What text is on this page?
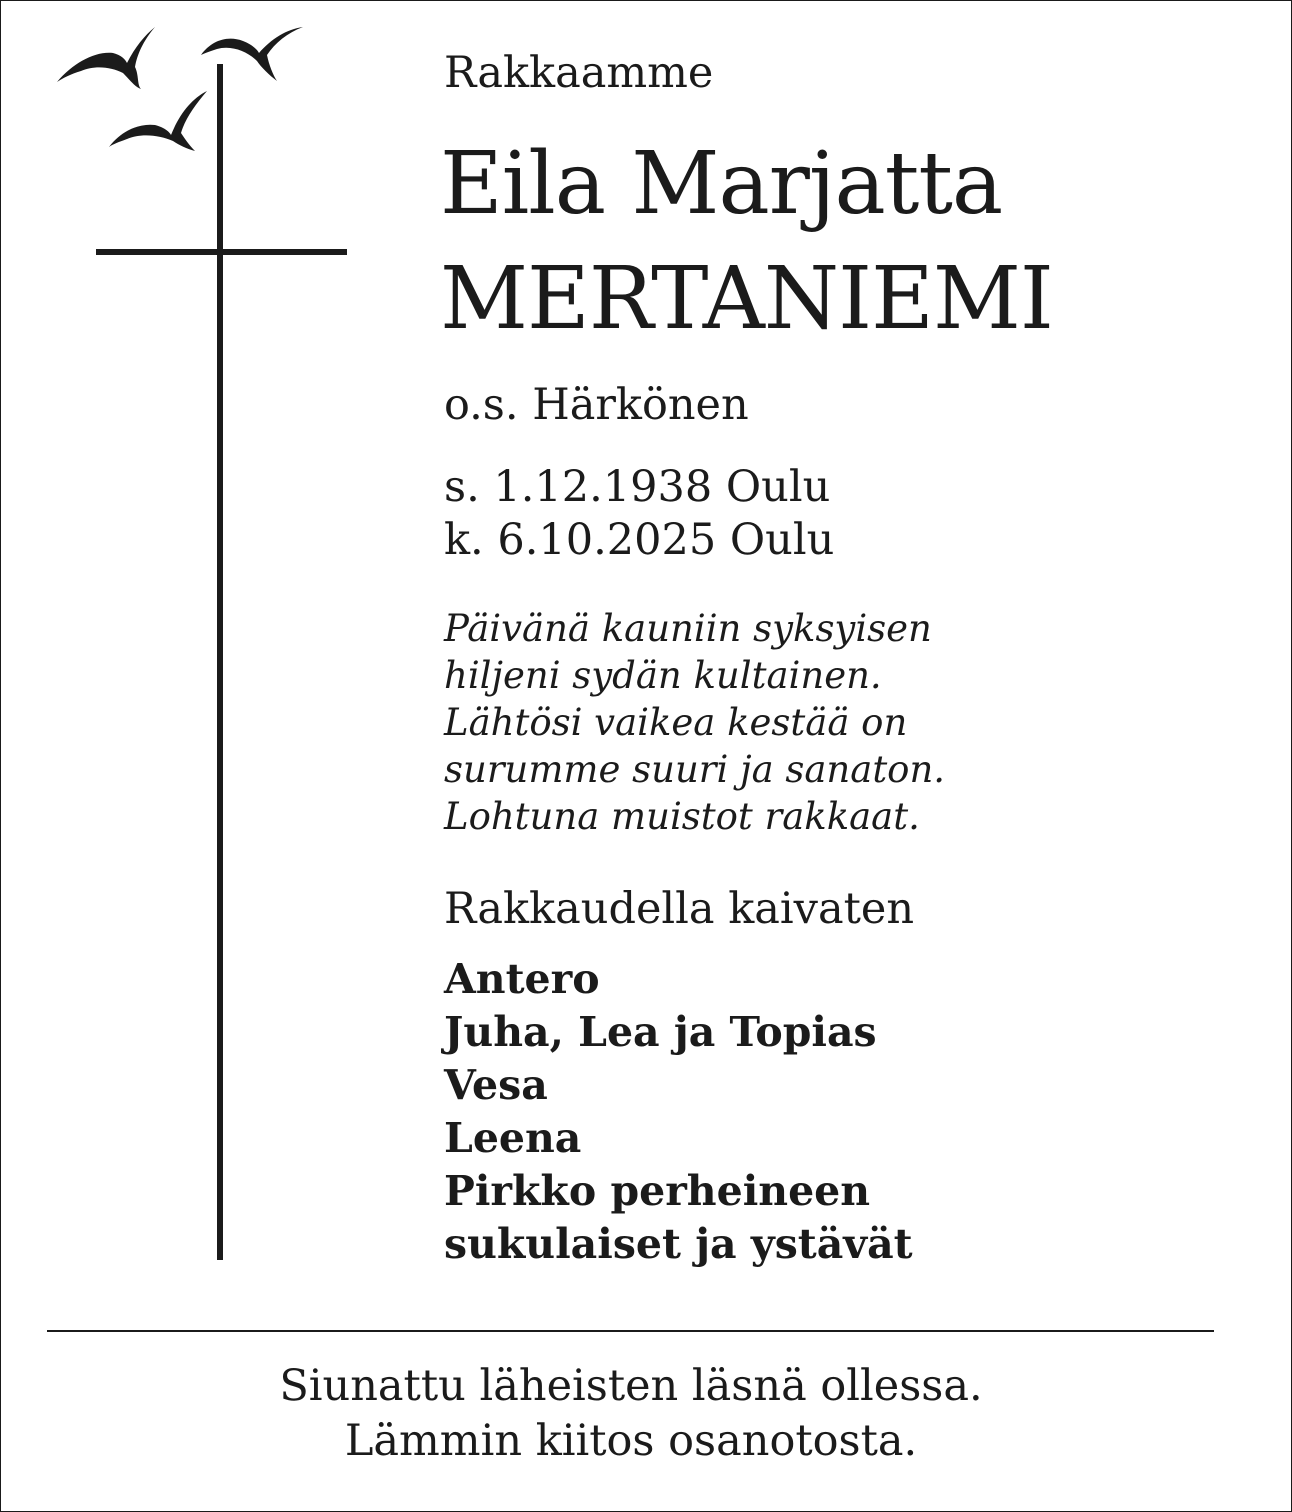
Rakkaamme
Eila Marjatta
MERTANIEMI
o.s. Härkönen
s. 1.12.1938 Oulu
k. 6.10.2025 Oulu
Päivänä kauniin syksyisen
hiljeni sydän kultainen.
Lähtösi vaikea kestää on
surumme suuri ja sanaton.
Lohtuna muistot rakkaat.
Rakkaudella kaivaten
Antero
Juha, Lea ja Topias
Vesa
Leena
Pirkko perheineen
sukulaiset ja ystävät
Siunattu läheisten läsnä ollessa.
Lämmin kiitos osanotosta.
